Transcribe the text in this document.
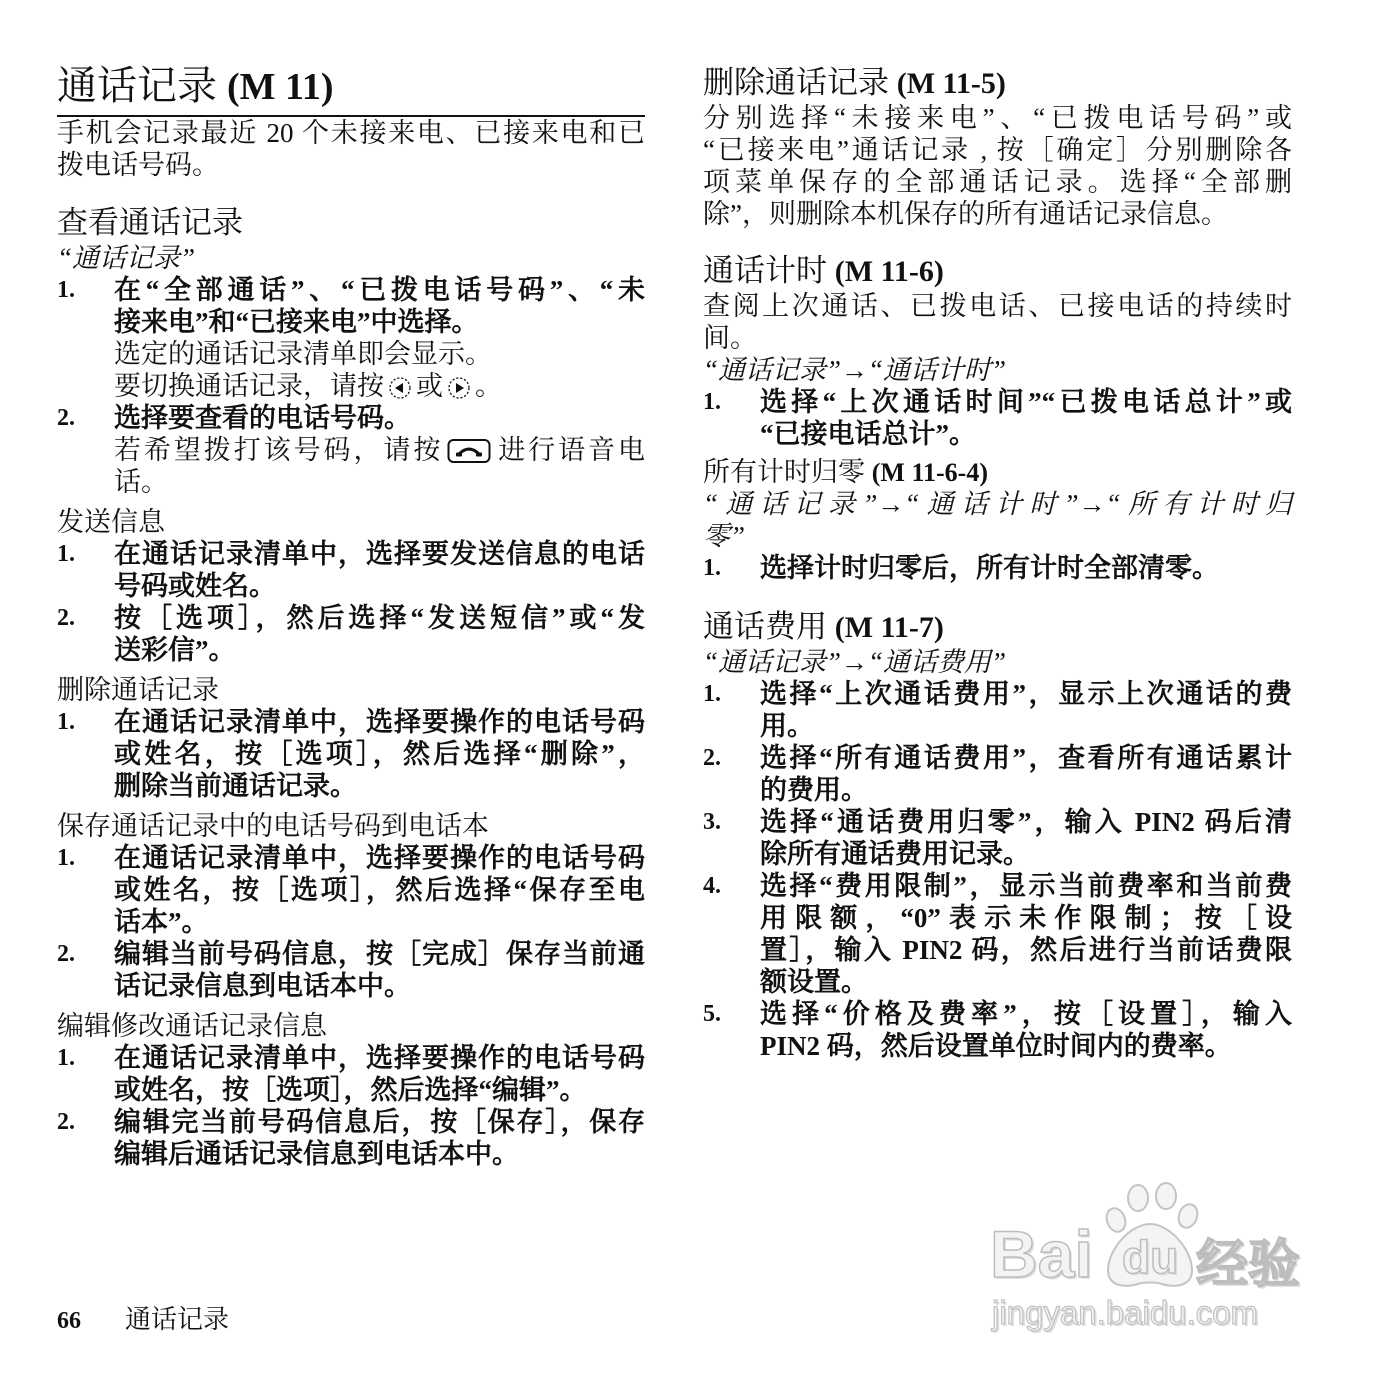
通话记录 (M 11)
手机会记录最近 20 个未接来电、已接来电和已
拨电话号码。
查看通话记录
“通话记录”
1. 在“全部通话”、“已拨电话号码”、“未
接来电”和“已接来电”中选择。
选定的通话记录清单即会显示。
要切换通话记录，请按 或 。
2. 选择要查看的电话号码。
若希望拨打该号码，请按 进行语音电
话。
发送信息
1. 在通话记录清单中，选择要发送信息的电话
号码或姓名。
2. 按［选项］，然后选择“发送短信”或“发
送彩信”。
删除通话记录
1. 在通话记录清单中，选择要操作的电话号码
或姓名，按［选项］，然后选择“删除”，
删除当前通话记录。
保存通话记录中的电话号码到电话本
1. 在通话记录清单中，选择要操作的电话号码
或姓名，按［选项］，然后选择“保存至电
话本”。
2. 编辑当前号码信息，按［完成］保存当前通
话记录信息到电话本中。
编辑修改通话记录信息
1. 在通话记录清单中，选择要操作的电话号码
或姓名，按［选项］，然后选择“编辑”。
2. 编辑完当前号码信息后，按［保存］，保存
编辑后通话记录信息到电话本中。
删除通话记录 (M 11-5)
分别选择“未接来电”、“已拨电话号码”或
“已接来电”通话记录 , 按［确定］分别删除各
项菜单保存的全部通话记录。选择“全部删
除”，则删除本机保存的所有通话记录信息。
通话计时 (M 11-6)
查阅上次通话、已拨电话、已接电话的持续时
间。
“通话记录”→“通话计时”
1. 选择“上次通话时间”“已拨电话总计”或
“已接电话总计”。
所有计时归零 (M 11-6-4)
“通话记录”→“通话计时”→“所有计时归
零”
1. 选择计时归零后，所有计时全部清零。
通话费用 (M 11-7)
“通话记录”→“通话费用”
1. 选择“上次通话费用”，显示上次通话的费
用。
2. 选择“所有通话费用”，查看所有通话累计
的费用。
3. 选择“通话费用归零”，输入 PIN2 码后清
除所有通话费用记录。
4. 选择“费用限制”，显示当前费率和当前费
用限额，“0”表示未作限制；按［设
置］，输入 PIN2 码，然后进行当前话费限
额设置。
5. 选择“价格及费率”，按［设置］，输入
PIN2 码，然后设置单位时间内的费率。
66 通话记录
Bai du 经验
jingyan.baidu.com
